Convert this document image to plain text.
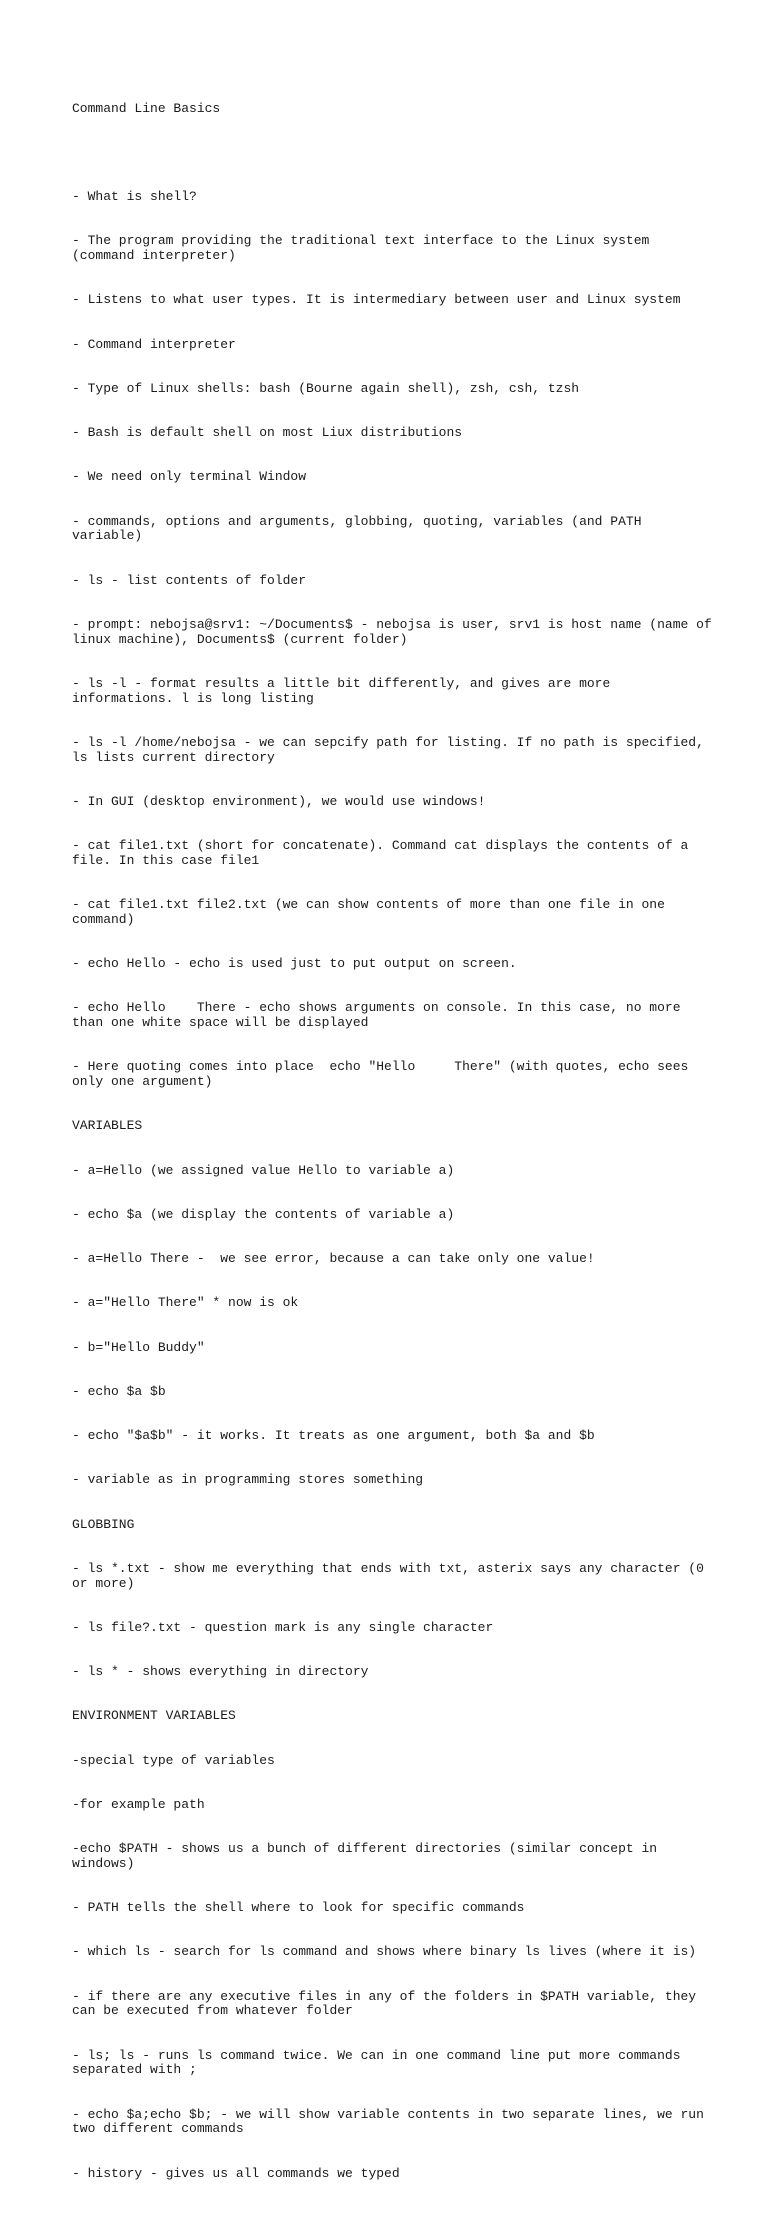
Command Line Basics

- What is shell?

- The program providing the traditional text interface to the Linux system (command interpreter)

- Listens to what user types. It is intermediary between user and Linux system

- Command interpreter

- Type of Linux shells: bash (Bourne again shell), zsh, csh, tzsh

- Bash is default shell on most Liux distributions

- We need only terminal Window

- commands, options and arguments, globbing, quoting, variables (and PATH variable)

- ls - list contents of folder

- prompt: nebojsa@srv1: ~/Documents$ - nebojsa is user, srv1 is host name (name of linux machine), Documents$ (current folder)

- ls -l - format results a little bit differently, and gives are more informations. l is long listing

- ls -l /home/nebojsa - we can sepcify path for listing. If no path is specified, ls lists current directory

- In GUI (desktop environment), we would use windows!

- cat file1.txt (short for concatenate). Command cat displays the contents of a file. In this case file1

- cat file1.txt file2.txt (we can show contents of more than one file in one command)

- echo Hello - echo is used just to put output on screen.

- echo Hello    There - echo shows arguments on console. In this case, no more than one white space will be displayed

- Here quoting comes into place  echo "Hello     There" (with quotes, echo sees only one argument)

VARIABLES

- a=Hello (we assigned value Hello to variable a)

- echo $a (we display the contents of variable a)

- a=Hello There -  we see error, because a can take only one value!

- a="Hello There" * now is ok

- b="Hello Buddy"

- echo $a $b

- echo "$a$b" - it works. It treats as one argument, both $a and $b

- variable as in programming stores something

GLOBBING

- ls *.txt - show me everything that ends with txt, asterix says any character (0 or more)

- ls file?.txt - question mark is any single character

- ls * - shows everything in directory

ENVIRONMENT VARIABLES

-special type of variables

-for example path

-echo $PATH - shows us a bunch of different directories (similar concept in windows)

- PATH tells the shell where to look for specific commands

- which ls - search for ls command and shows where binary ls lives (where it is)

- if there are any executive files in any of the folders in $PATH variable, they can be executed from whatever folder

- ls; ls - runs ls command twice. We can in one command line put more commands separated with ;

- echo $a;echo $b; - we will show variable contents in two separate lines, we run two different commands

- history - gives us all commands we typed
